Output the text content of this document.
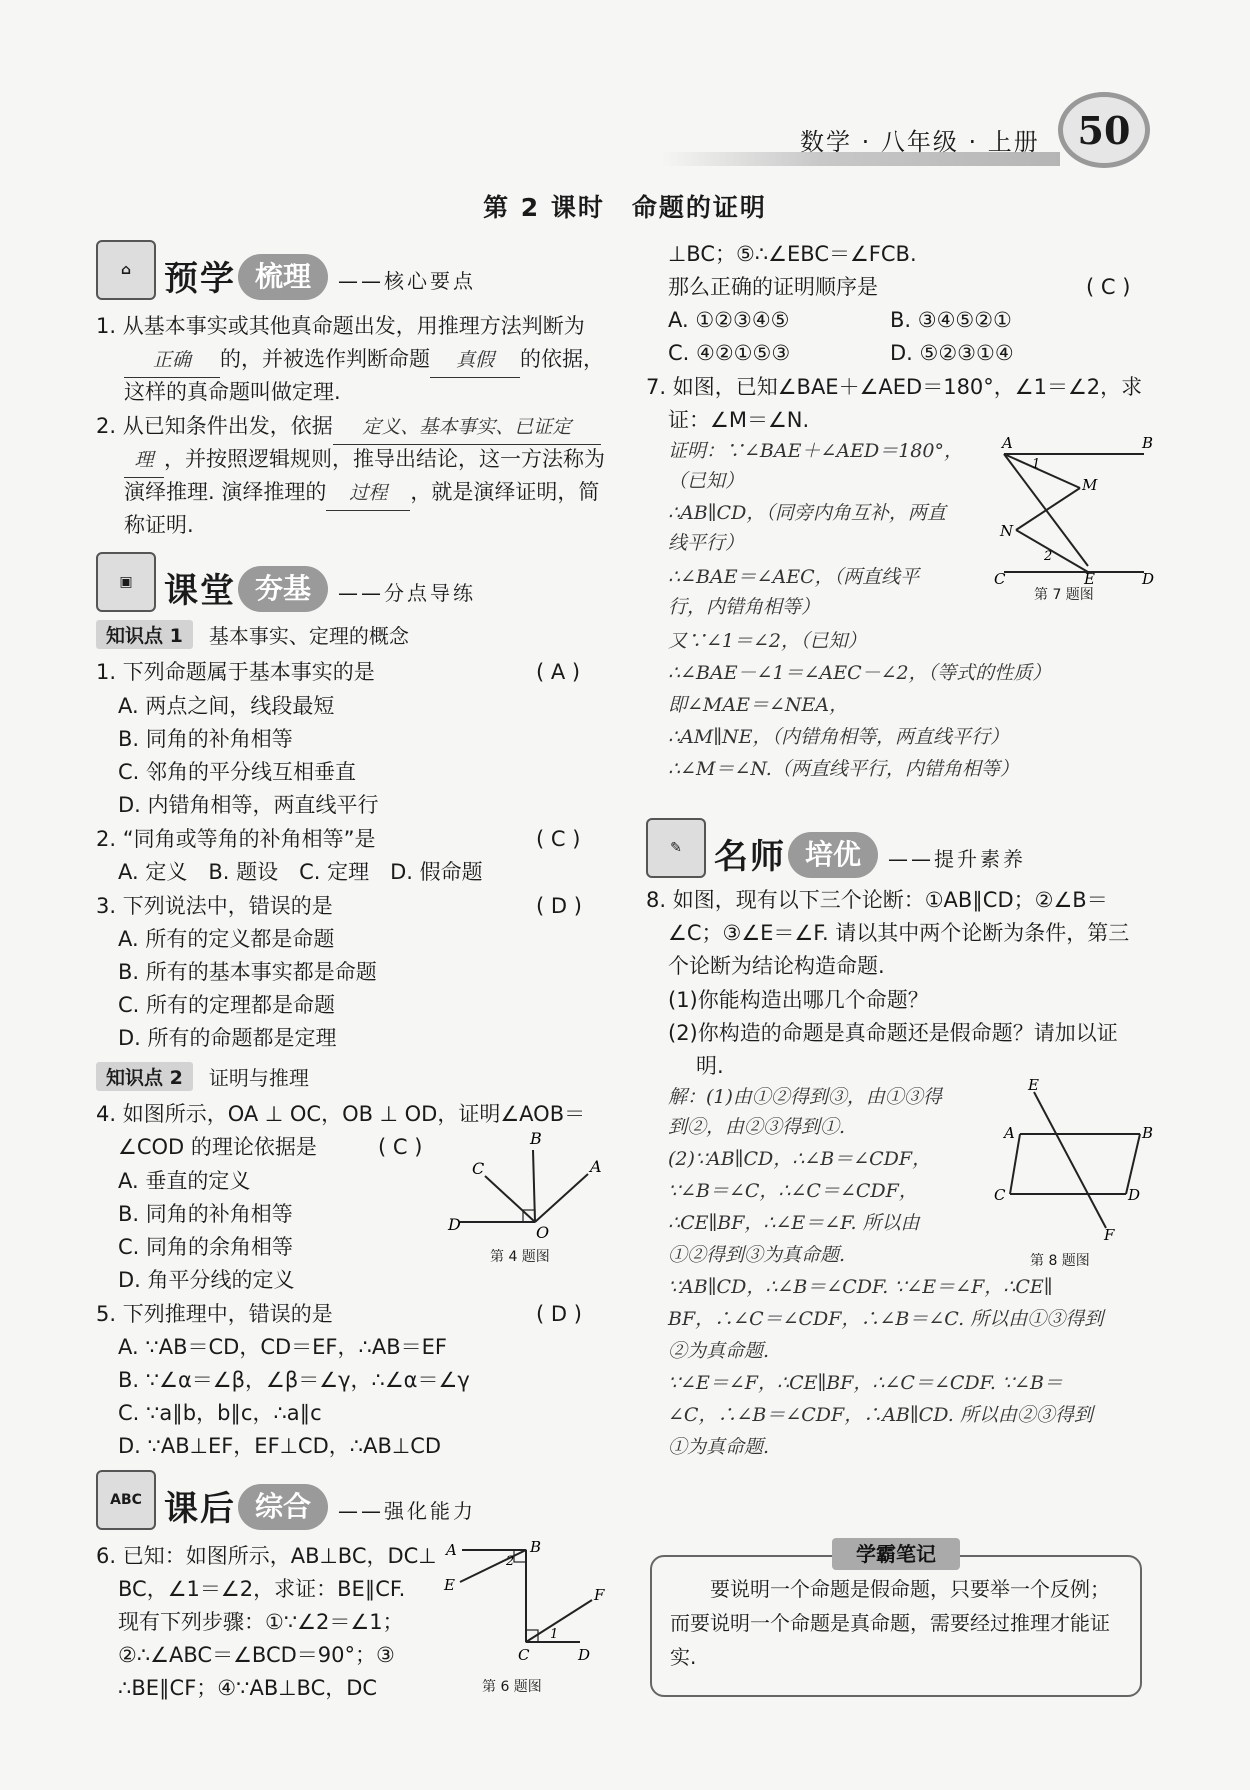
数学 · 八年级 · 上册 50
第 2 课时　命题的证明
⌂ 预学 梳理	——核心要点
1. 从基本事实或其他真命题出发，用推理方法判断为
正确 的，并被选作判断命题 真假 的依据，
这样的真命题叫做定理.
2. 从已知条件出发，依据 定义、基本事实、已证定
理 ，并按照逻辑规则，推导出结论，这一方法称为
演绎推理. 演绎推理的 过程 ，就是演绎证明，简
称证明.
▣ 课堂 夯基	——分点导练
知识点 1	基本事实、定理的概念
1. 下列命题属于基本事实的是	( A )
A. 两点之间，线段最短
B. 同角的补角相等
C. 邻角的平分线互相垂直
D. 内错角相等，两直线平行
2. “同角或等角的补角相等”是	( C )
A. 定义　B. 题设　C. 定理　D. 假命题
3. 下列说法中，错误的是	( D )
A. 所有的定义都是命题
B. 所有的基本事实都是命题
C. 所有的定理都是命题
D. 所有的命题都是定理
知识点 2	证明与推理
4. 如图所示，OA ⊥ OC，OB ⊥ OD，证明∠AOB＝
∠COD 的理论依据是	( C )
A. 垂直的定义
B. 同角的补角相等
C. 同角的余角相等
D. 角平分线的定义
5. 下列推理中，错误的是	( D )
A. ∵AB＝CD，CD＝EF，∴AB＝EF
B. ∵∠α＝∠β，∠β＝∠γ，∴∠α＝∠γ
C. ∵a∥b，b∥c，∴a∥c
D. ∵AB⊥EF，EF⊥CD，∴AB⊥CD
D
B
A
C
O
第 4 题图
ABC 课后 综合	——强化能力
6. 已知：如图所示，AB⊥BC，DC⊥
BC，∠1＝∠2，求证：BE∥CF.
现有下列步骤：①∵∠2＝∠1；
②∴∠ABC＝∠BCD＝90°；③
∴BE∥CF；④∵AB⊥BC，DC
A	B
E
F
C	D
2
1
第 6 题图
⊥BC；⑤∴∠EBC＝∠FCB.
那么正确的证明顺序是	( C )
A. ①②③④⑤	B. ③④⑤②①
C. ④②①⑤③	D. ⑤②③①④
7. 如图，已知∠BAE＋∠AED＝180°，∠1＝∠2，求
证：∠M＝∠N.
证明：∵∠BAE＋∠AED＝180°，
（已知）
∴AB∥CD，（同旁内角互补，两直
线平行）
∴∠BAE＝∠AEC，（两直线平
行，内错角相等）
又∵∠1＝∠2，（已知）
∴∠BAE－∠1＝∠AEC－∠2，（等式的性质）
即∠MAE＝∠NEA，
∴AM∥NE，（内错角相等，两直线平行）
∴∠M＝∠N.（两直线平行，内错角相等）
A	B
M
N
C	E	D
1
2
第 7 题图
✎ 名师 培优	——提升素养
8. 如图，现有以下三个论断：①AB∥CD；②∠B＝
∠C；③∠E＝∠F. 请以其中两个论断为条件，第三
个论断为结论构造命题.
(1)你能构造出哪几个命题？
(2)你构造的命题是真命题还是假命题？请加以证
明.
解：(1)由①②得到③，由①③得
到②，由②③得到①.
(2)∵AB∥CD，∴∠B＝∠CDF，
∵∠B＝∠C，∴∠C＝∠CDF，
∴CE∥BF，∴∠E＝∠F. 所以由
①②得到③为真命题.
∵AB∥CD，∴∠B＝∠CDF. ∵∠E＝∠F，∴CE∥
BF，∴∠C＝∠CDF，∴∠B＝∠C. 所以由①③得到
②为真命题.
∵∠E＝∠F，∴CE∥BF，∴∠C＝∠CDF. ∵∠B＝
∠C，∴∠B＝∠CDF，∴AB∥CD. 所以由②③得到
①为真命题.
E
A	B
C	D
F
第 8 题图
学霸笔记
要说明一个命题是假命题，只要举一个反例；而要说明一个命题是真命题，需要经过推理才能证实.
